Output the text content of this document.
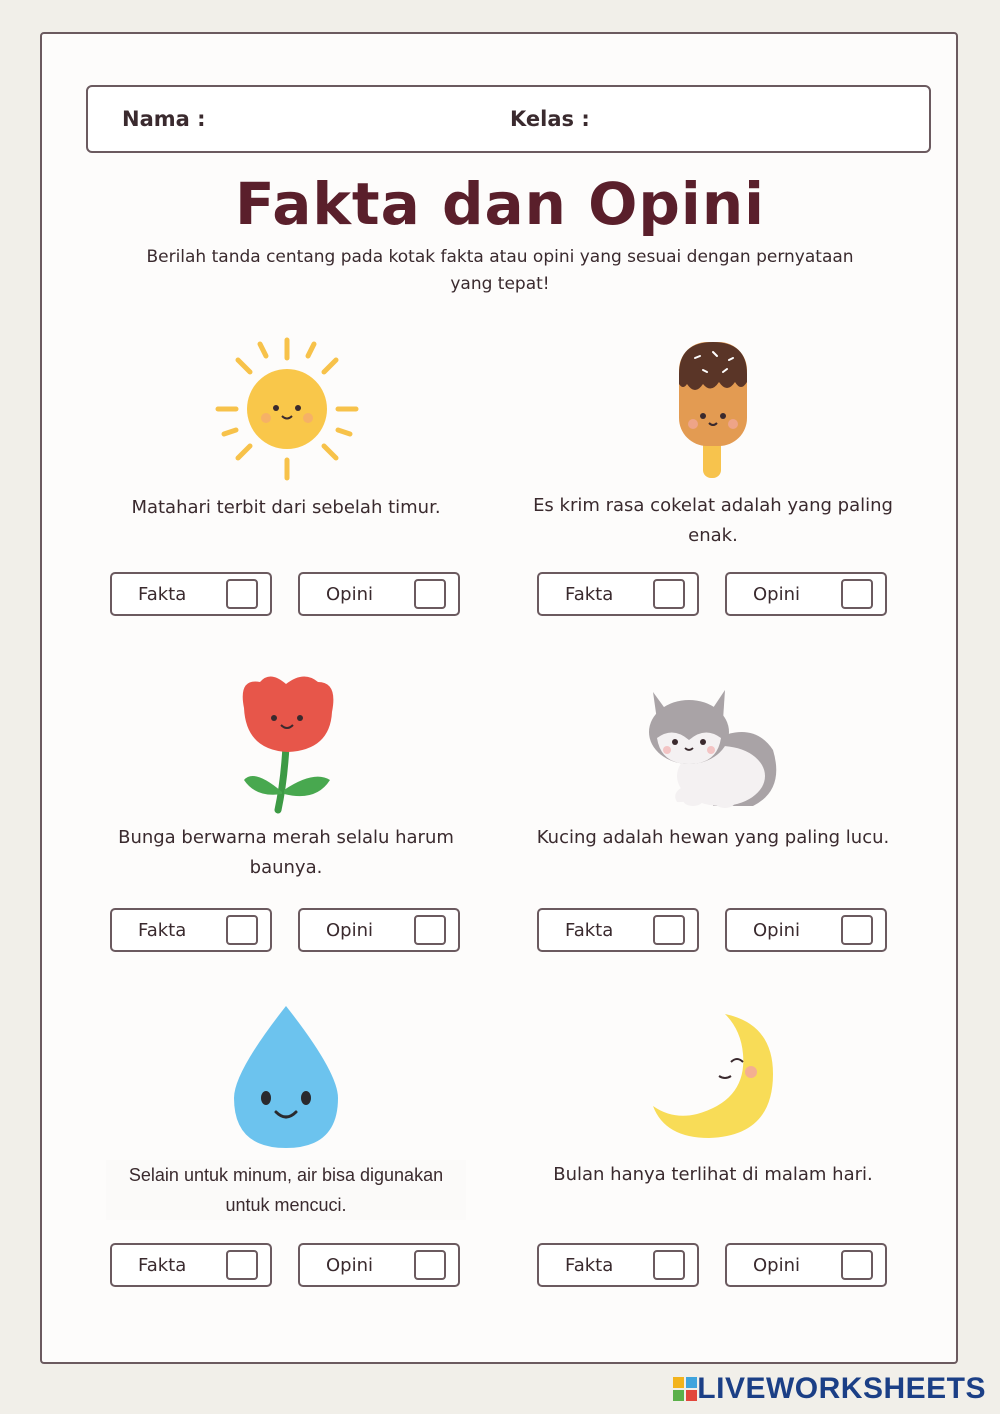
Nama :	Kelas :
Fakta dan Opini
Berilah tanda centang pada kotak fakta atau opini yang sesuai dengan pernyataan yang tepat!
Matahari terbit dari sebelah timur.
Fakta	Opini
Es krim rasa cokelat adalah yang paling enak.
Fakta	Opini
Bunga berwarna merah selalu harum baunya.
Fakta	Opini
Kucing adalah hewan yang paling lucu.
Fakta	Opini
Selain untuk minum, air bisa digunakan untuk mencuci.
Fakta	Opini
Bulan hanya terlihat di malam hari.
Fakta	Opini
LIVEWORKSHEETS
